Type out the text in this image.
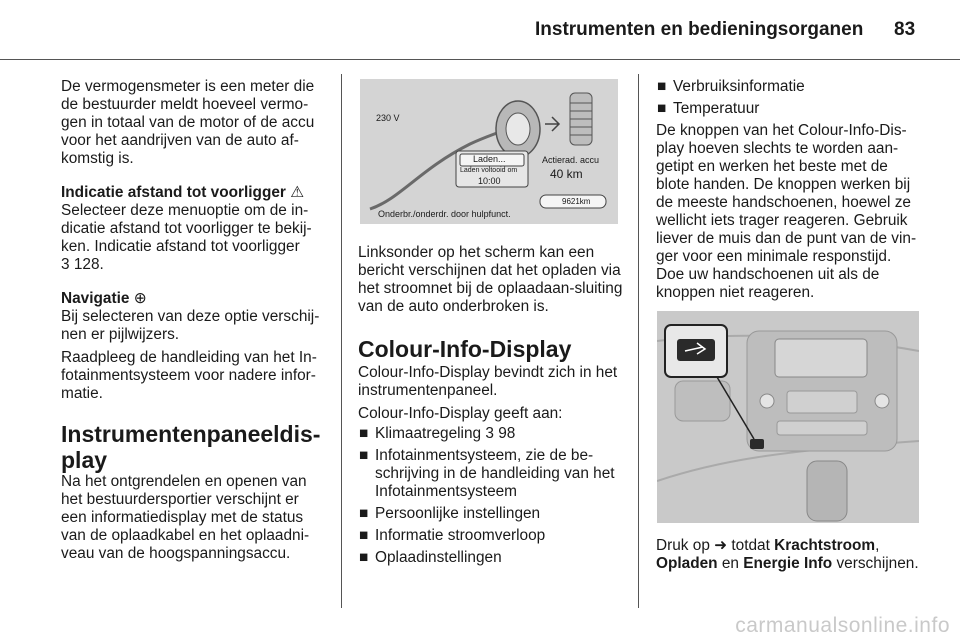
Instrumenten en bedieningsorganen 83

De vermogensmeter is een meter die de bestuurder meldt hoeveel vermo-gen in totaal van de motor of de accu voor het aandrijven van de auto af-komstig is.

Indicatie afstand tot voorligger ⚠

Selecteer deze menuoptie om de in-dicatie afstand tot voorligger te bekij-ken. Indicatie afstand tot voorligger

3 128.

Navigatie ⊕

Bij selecteren van deze optie verschij-nen er pijlwijzers.

Raadpleeg de handleiding van het In-fotainmentsysteem voor nadere infor-matie.

Instrumentenpaneeldis-
play

Na het ontgrendelen en openen van het bestuurdersportier verschijnt er een informatiedisplay met de status van de oplaadkabel en het oplaadni-veau van de hoogspanningsaccu.

230 V
Laden...
Laden voltooid om
10:00
Actierad. accu
40 km
9621km
Onderbr./onderdr. door hulpfunct.

Linksonder op het scherm kan een bericht verschijnen dat het opladen via het stroomnet bij de oplaadaan-sluiting van de auto onderbroken is.

Colour-Info-Display

Colour-Info-Display bevindt zich in het instrumentenpaneel.

Colour-Info-Display geeft aan:

■ Klimaatregeling 3 98
■ Infotainmentsysteem, zie de be-schrijving in de handleiding van het Infotainmentsysteem
■ Persoonlijke instellingen
■ Informatie stroomverloop
■ Oplaadinstellingen
■ Verbruiksinformatie
■ Temperatuur

De knoppen van het Colour-Info-Dis-play hoeven slechts te worden aan-getipt en werken het beste met de blote handen. De knoppen werken bij de meeste handschoenen, hoewel ze wellicht iets trager reageren. Gebruik liever de muis dan de punt van de vin-ger voor een minimale responstijd. Doe uw handschoenen uit als de knoppen niet reageren.

Druk op ➜ totdat Krachtstroom, Opladen en Energie Info verschijnen.

carmanualsonline.info
